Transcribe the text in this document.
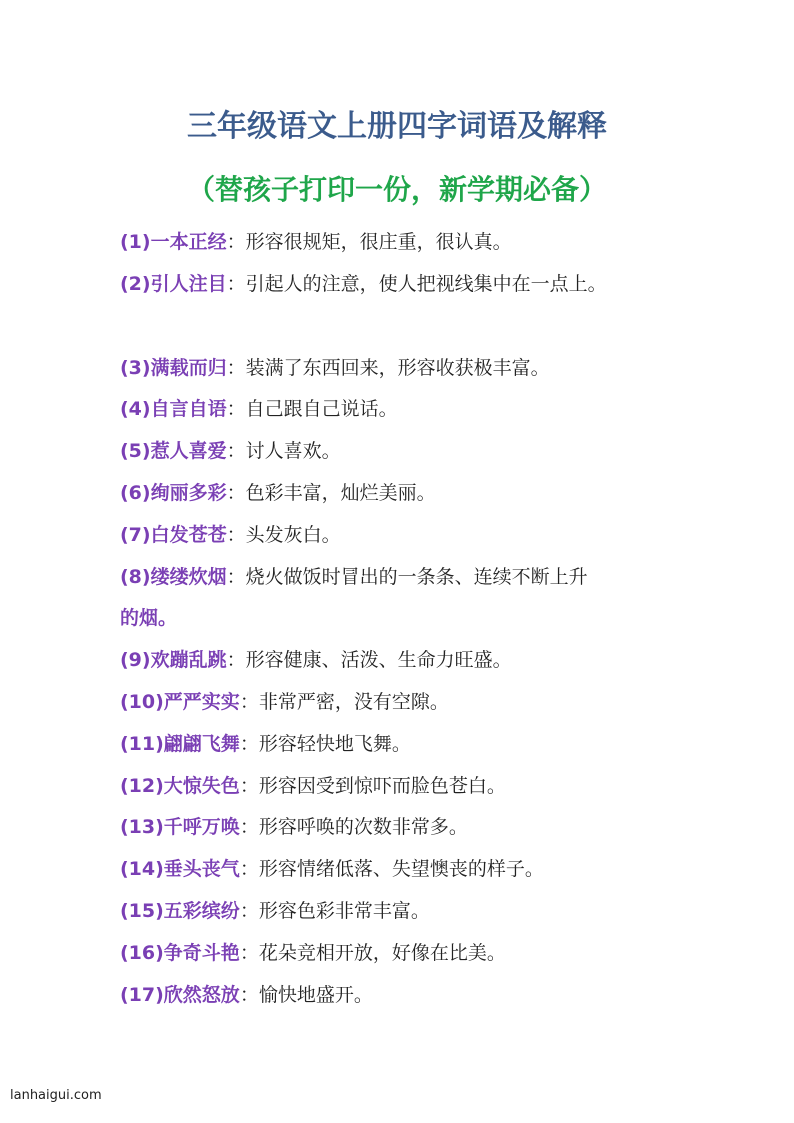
三年级语文上册四字词语及解释
（替孩子打印一份，新学期必备）
(1)一本正经：形容很规矩，很庄重，很认真。
(2)引人注目：引起人的注意，使人把视线集中在一点上。
(3)满载而归：装满了东西回来，形容收获极丰富。
(4)自言自语：自己跟自己说话。
(5)惹人喜爱：讨人喜欢。
(6)绚丽多彩：色彩丰富，灿烂美丽。
(7)白发苍苍：头发灰白。
(8)缕缕炊烟：烧火做饭时冒出的一条条、连续不断上升
的烟。
(9)欢蹦乱跳：形容健康、活泼、生命力旺盛。
(10)严严实实：非常严密，没有空隙。
(11)翩翩飞舞：形容轻快地飞舞。
(12)大惊失色：形容因受到惊吓而脸色苍白。
(13)千呼万唤：形容呼唤的次数非常多。
(14)垂头丧气：形容情绪低落、失望懊丧的样子。
(15)五彩缤纷：形容色彩非常丰富。
(16)争奇斗艳：花朵竞相开放，好像在比美。
(17)欣然怒放：愉快地盛开。
lanhaigui.com
